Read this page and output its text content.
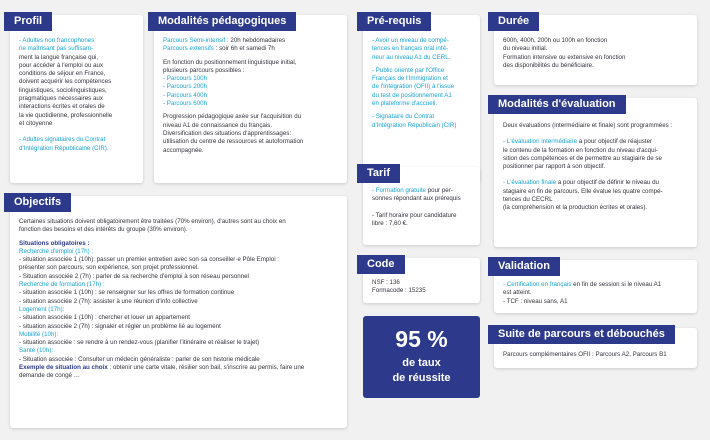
Profil
- Adultes non francophones
ne maîtrisant pas suffisam-
ment la langue française qui,
pour accéder à l'emploi ou aux
conditions de séjour en France,
doivent acquérir les compétences
linguistiques, sociolinguistiques,
pragmatiques nécessaires aux
interactions écrites et orales de
la vie quotidienne, professionnelle
et citoyenne
- Adultes signataires du Contrat
d'Intégration Républicaine (CIR).
Modalités pédagogiques
Parcours Semi-intensif : 20h hebdomadaires
Parcours extensifs : soir 6h et samedi 7h
En fonction du positionnement linguistique initial,
plusieurs parcours possibles :
- Parcours 100h
- Parcours 200h
- Parcours 400h
- Parcours 600h
Progression pédagogique axée sur l'acquisition du
niveau A1 de connaissance du français.
Diversification des situations d'apprentissages:
utilisation du centre de ressources et autoformation
accompagnée.
Pré-requis
- Avoir un niveau de compé-
tences en français oral infé-
rieur au niveau A1 du CERL.
- Public orienté par l'Office
Français de l'Immigration et
de l'Intégration (OFII) à l'issue
du test de positionnement A1
en plateforme d'accueil.
- Signataire du Contrat
d'Intégration Républicain (CIR)
Durée
600h, 400h, 200h ou 100h en fonction
du niveau initial.
Formation intensive ou extensive en fonction
des disponibilités du bénéficiaire.
Modalités d'évaluation
Deux évaluations (intermédiaire et finale) sont programmées :
- L'évaluation intermédiaire a pour objectif de réajuster
le contenu de la formation en fonction du niveau d'acqui-
sition des compétences et de permettre au stagiaire de se
positionner par rapport à son objectif.
- L'évaluation finale a pour objectif de définir le niveau du
stagiaire en fin de parcours. Elle évalue les quatre compé-
tences du CECRL
(la compréhension et la production écrites et orales).
Tarif
- Formation gratuite pour per-
sonnes répondant aux prérequis
- Tarif horaire pour candidature
libre : 7,60 €.
Code
NSF : 136
Formacode : 15235
Validation
- Certification en français en fin de session si le niveau A1
est atteint.
- TCF : niveau sans, A1
95 %
de taux
de réussite
Suite de parcours et débouchés
Parcours complémentaires OFII : Parcours A2, Parcours B1
Objectifs
Certaines situations doivent obligatoirement être traitées (70% environ), d'autres sont au choix en
fonction des besoins et des intérêts du groupe (30% environ).
Situations obligatoires :
Recherche d'emploi (17h) :
- situation associée 1 (10h): passer un premier entretien avec son·sa conseiller·e Pôle Emploi :
présenter son parcours, son expérience, son projet professionnel.
- Situation associée 2 (7h) : parler de sa recherche d'emploi à son réseau personnel
Recherche de formation (17h) :
- situation associée 1 (10h) : se renseigner sur les offres de formation continue
- situation associée 2 (7h): assister à une réunion d'info collective
Logement (17h):
- situation associée 1 (10h) : chercher et louer un appartement
- situation associée 2 (7h) : signaler et régler un problème lié au logement
Mobilité (10h):
- situation associée : se rendre à un rendez-vous (planifier l'itinéraire et réaliser le trajet)
Santé (10h):
- Situation associée : Consulter un médecin généraliste : parler de son historie médicale
Exemple de situation au choix : obtenir une carte vitale, résilier son bail, s'inscrire au permis, faire une
demande de congé …
